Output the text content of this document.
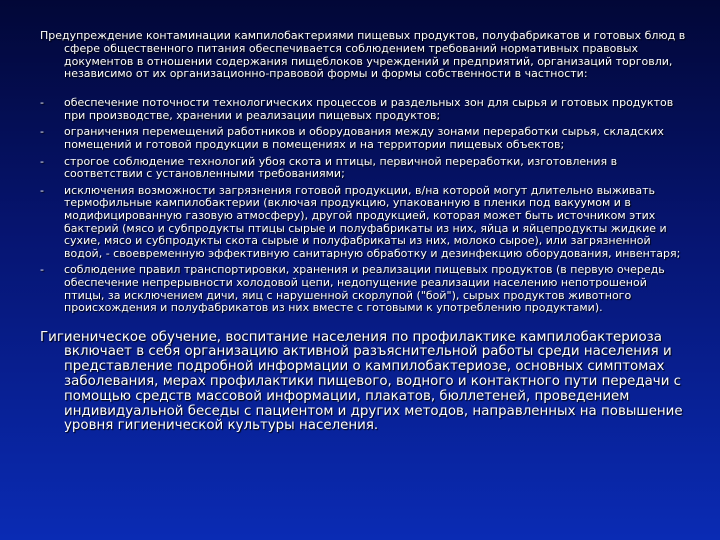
Предупреждение контаминации кампилобактериями пищевых продуктов, полуфабрикатов и готовых блюд в сфере общественного питания обеспечивается соблюдением требований нормативных правовых документов в отношении содержания пищеблоков учреждений и предприятий, организаций торговли, независимо от их организационно-правовой формы и формы собственности в частности:

- обеспечение поточности технологических процессов и раздельных зон для сырья и готовых продуктов при производстве, хранении и реализации пищевых продуктов;
- ограничения перемещений работников и оборудования между зонами переработки сырья, складских помещений и готовой продукции в помещениях и на территории пищевых объектов;
- строгое соблюдение технологий убоя скота и птицы, первичной переработки, изготовления в соответствии с установленными требованиями;
- исключения возможности загрязнения готовой продукции, в/на которой могут длительно выживать термофильные кампилобактерии (включая продукцию, упакованную в пленки под вакуумом и в модифицированную газовую атмосферу), другой продукцией, которая может быть источником этих бактерий (мясо и субпродукты птицы сырые и полуфабрикаты из них, яйца и яйцепродукты жидкие и сухие, мясо и субпродукты скота сырые и полуфабрикаты из них, молоко сырое), или загрязненной водой, - своевременную эффективную санитарную обработку и дезинфекцию оборудования, инвентаря;
- соблюдение правил транспортировки, хранения и реализации пищевых продуктов (в первую очередь обеспечение непрерывности холодовой цепи, недопущение реализации населению непотрошеной птицы, за исключением дичи, яиц с нарушенной скорлупой ("бой"), сырых продуктов животного происхождения и полуфабрикатов из них вместе с готовыми к употреблению продуктами).

Гигиеническое обучение, воспитание населения по профилактике кампилобактериоза включает в себя организацию активной разъяснительной работы среди населения и представление подробной информации о кампилобактериозе, основных симптомах заболевания, мерах профилактики пищевого, водного и контактного пути передачи с помощью средств массовой информации, плакатов, бюллетеней, проведением индивидуальной беседы с пациентом и других методов, направленных на повышение уровня гигиенической культуры населения.
